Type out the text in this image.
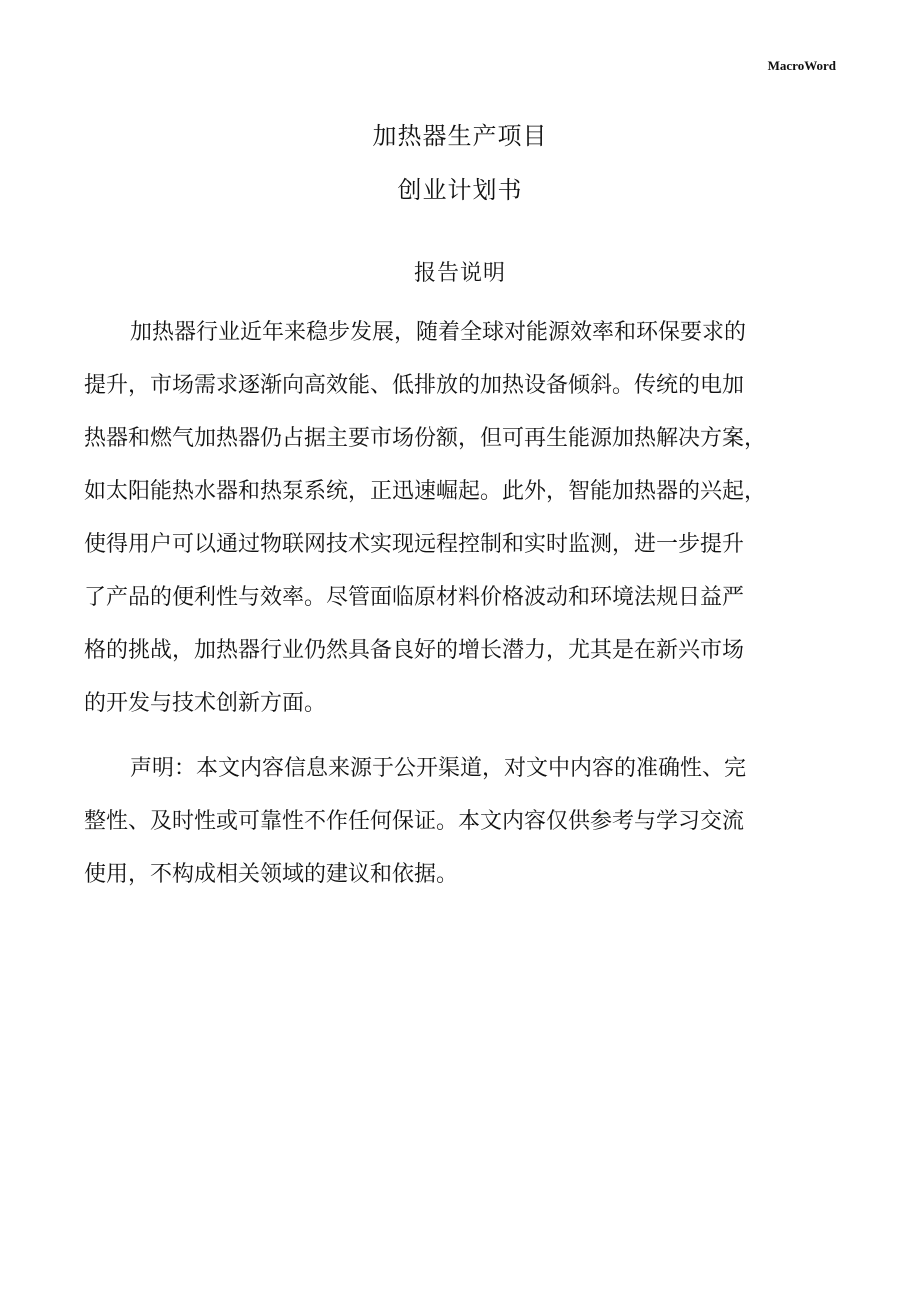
MacroWord
加热器生产项目
创业计划书
报告说明
加热器行业近年来稳步发展，随着全球对能源效率和环保要求的
提升，市场需求逐渐向高效能、低排放的加热设备倾斜。传统的电加
热器和燃气加热器仍占据主要市场份额，但可再生能源加热解决方案，
如太阳能热水器和热泵系统，正迅速崛起。此外，智能加热器的兴起，
使得用户可以通过物联网技术实现远程控制和实时监测，进一步提升
了产品的便利性与效率。尽管面临原材料价格波动和环境法规日益严
格的挑战，加热器行业仍然具备良好的增长潜力，尤其是在新兴市场
的开发与技术创新方面。
声明：本文内容信息来源于公开渠道，对文中内容的准确性、完
整性、及时性或可靠性不作任何保证。本文内容仅供参考与学习交流
使用，不构成相关领域的建议和依据。
